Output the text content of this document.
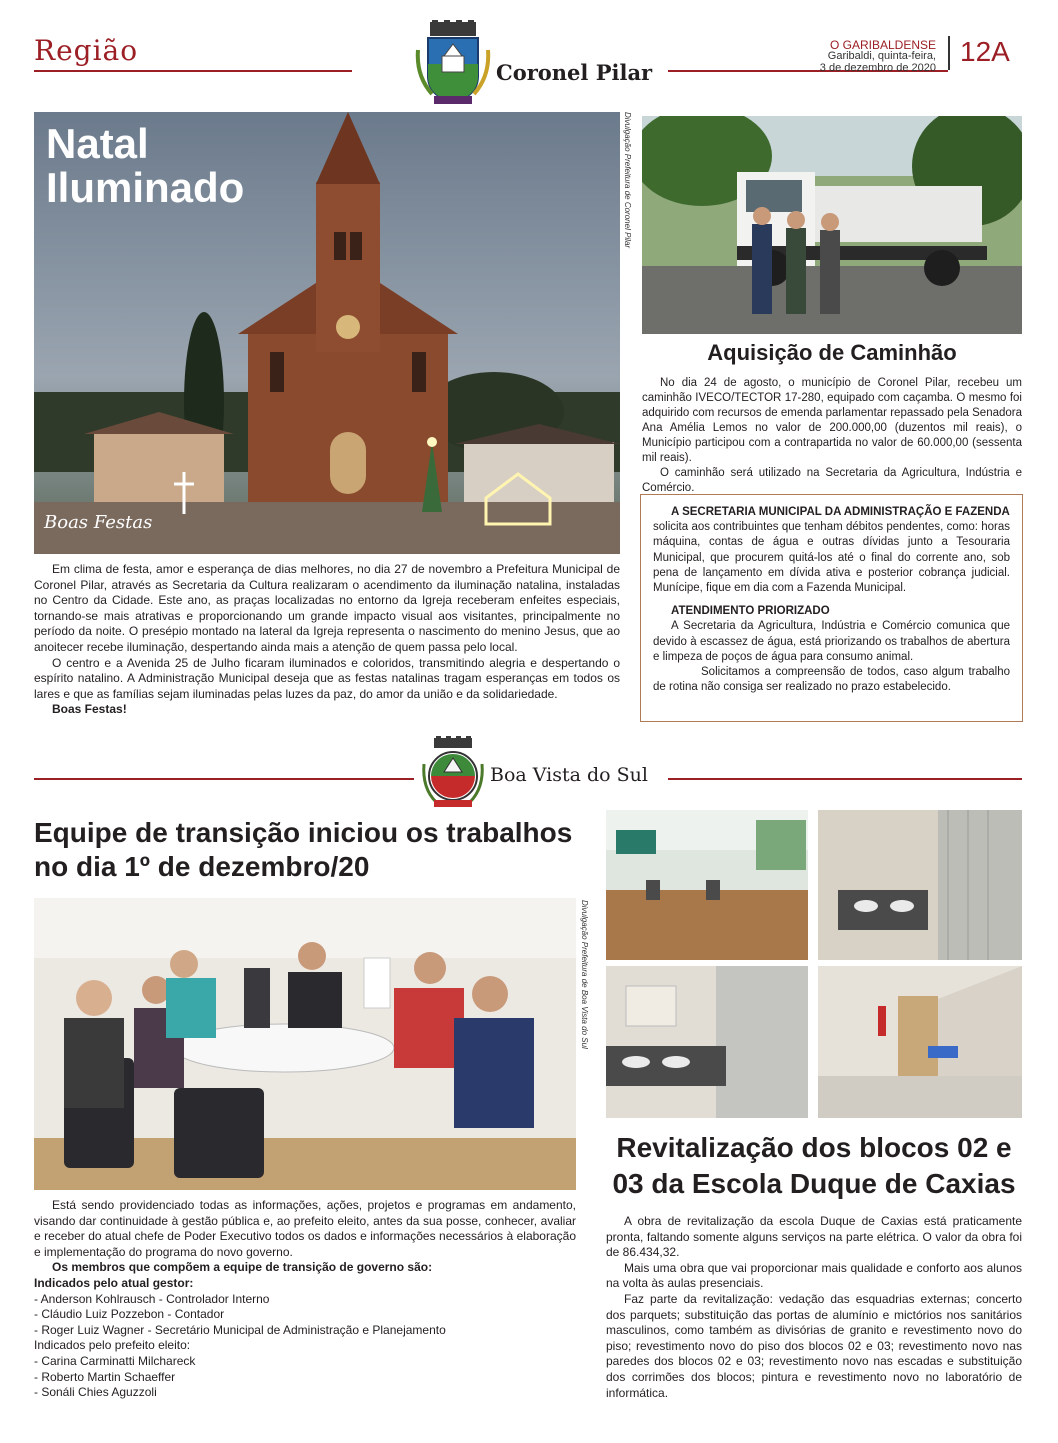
Região
Coronel Pilar
O GARIBALDENSE
Garibaldi, quinta-feira,
3 de dezembro de 2020
12A
Boas Festas
Natal
Iluminado	Divulgação Prefeitura de Coronel Pilar

Em clima de festa, amor e esperança de dias melhores, no dia 27 de novembro a Prefeitura Municipal de Coronel Pilar, através as Secretaria da Cultura realizaram o acendimento da iluminação natalina, instaladas no Centro da Cidade. Este ano, as praças localizadas no entorno da Igreja receberam enfeites especiais, tornando-se mais atrativas e proporcionando um grande impacto visual aos visitantes, principalmente no período da noite. O presépio montado na lateral da Igreja representa o nascimento do menino Jesus, que ao anoitecer recebe iluminação, despertando ainda mais a atenção de quem passa pelo local.

O centro e a Avenida 25 de Julho ficaram iluminados e coloridos, transmitindo alegria e despertando o espírito natalino. A Administração Municipal deseja que as festas natalinas tragam esperanças em todos os lares e que as famílias sejam iluminadas pelas luzes da paz, do amor da união e da solidariedade.

Boas Festas!

Aquisição de Caminhão

No dia 24 de agosto, o município de Coronel Pilar, recebeu um caminhão IVECO/TECTOR 17-280, equipado com caçamba. O mesmo foi adquirido com recursos de emenda parlamentar repassado pela Senadora Ana Amélia Lemos no valor de 200.000,00 (duzentos mil reais), o Município participou com a contrapartida no valor de 60.000,00 (sessenta mil reais).

O caminhão será utilizado na Secretaria da Agricultura, Indústria e Comércio.

A SECRETARIA MUNICIPAL DA ADMINISTRAÇÃO E FAZENDA

solicita aos contribuintes que tenham débitos pendentes, como: horas máquina, contas de água e outras dívidas junto a Tesouraria Municipal, que procurem quitá-los até o final do corrente ano, sob pena de lançamento em dívida ativa e posterior cobrança judicial. Munícipe, fique em dia com a Fazenda Municipal.

ATENDIMENTO PRIORIZADO

A Secretaria da Agricultura, Indústria e Comércio comunica que devido à escassez de água, está priorizando os trabalhos de abertura e limpeza de poços de água para consumo animal.

Solicitamos a compreensão de todos, caso algum trabalho de rotina não consiga ser realizado no prazo estabelecido.

Boa Vista do Sul
Equipe de transição iniciou os trabalhos
no dia 1º de dezembro/20
Divulgação Prefeitura de Boa Vista do Sul

Está sendo providenciado todas as informações, ações, projetos e programas em andamento, visando dar continuidade à gestão pública e, ao prefeito eleito, antes da sua posse, conhecer, avaliar e receber do atual chefe de Poder Executivo todos os dados e informações necessários à elaboração e implementação do programa do novo governo.

Os membros que compõem a equipe de transição de governo são:

Indicados pelo atual gestor:
- Anderson Kohlrausch - Controlador Interno
- Cláudio Luiz Pozzebon - Contador
- Roger Luiz Wagner - Secretário Municipal de Administração e Planejamento
Indicados pelo prefeito eleito:
- Carina Carminatti Milchareck
- Roberto Martin Schaeffer
- Sonáli Chies Aguzzoli
Revitalização dos blocos 02 e
03 da Escola Duque de Caxias

A obra de revitalização da escola Duque de Caxias está praticamente pronta, faltando somente alguns serviços na parte elétrica. O valor da obra foi de 86.434,32.

Mais uma obra que vai proporcionar mais qualidade e conforto aos alunos na volta às aulas presenciais.

Faz parte da revitalização: vedação das esquadrias externas; concerto dos parquets; substituição das portas de alumínio e mictórios nos sanitários masculinos, como também as divisórias de granito e revestimento novo do piso; revestimento novo do piso dos blocos 02 e 03; revestimento novo nas paredes dos blocos 02 e 03; revestimento novo nas escadas e substituição dos corrimões dos blocos; pintura e revestimento novo no laboratório de informática.
